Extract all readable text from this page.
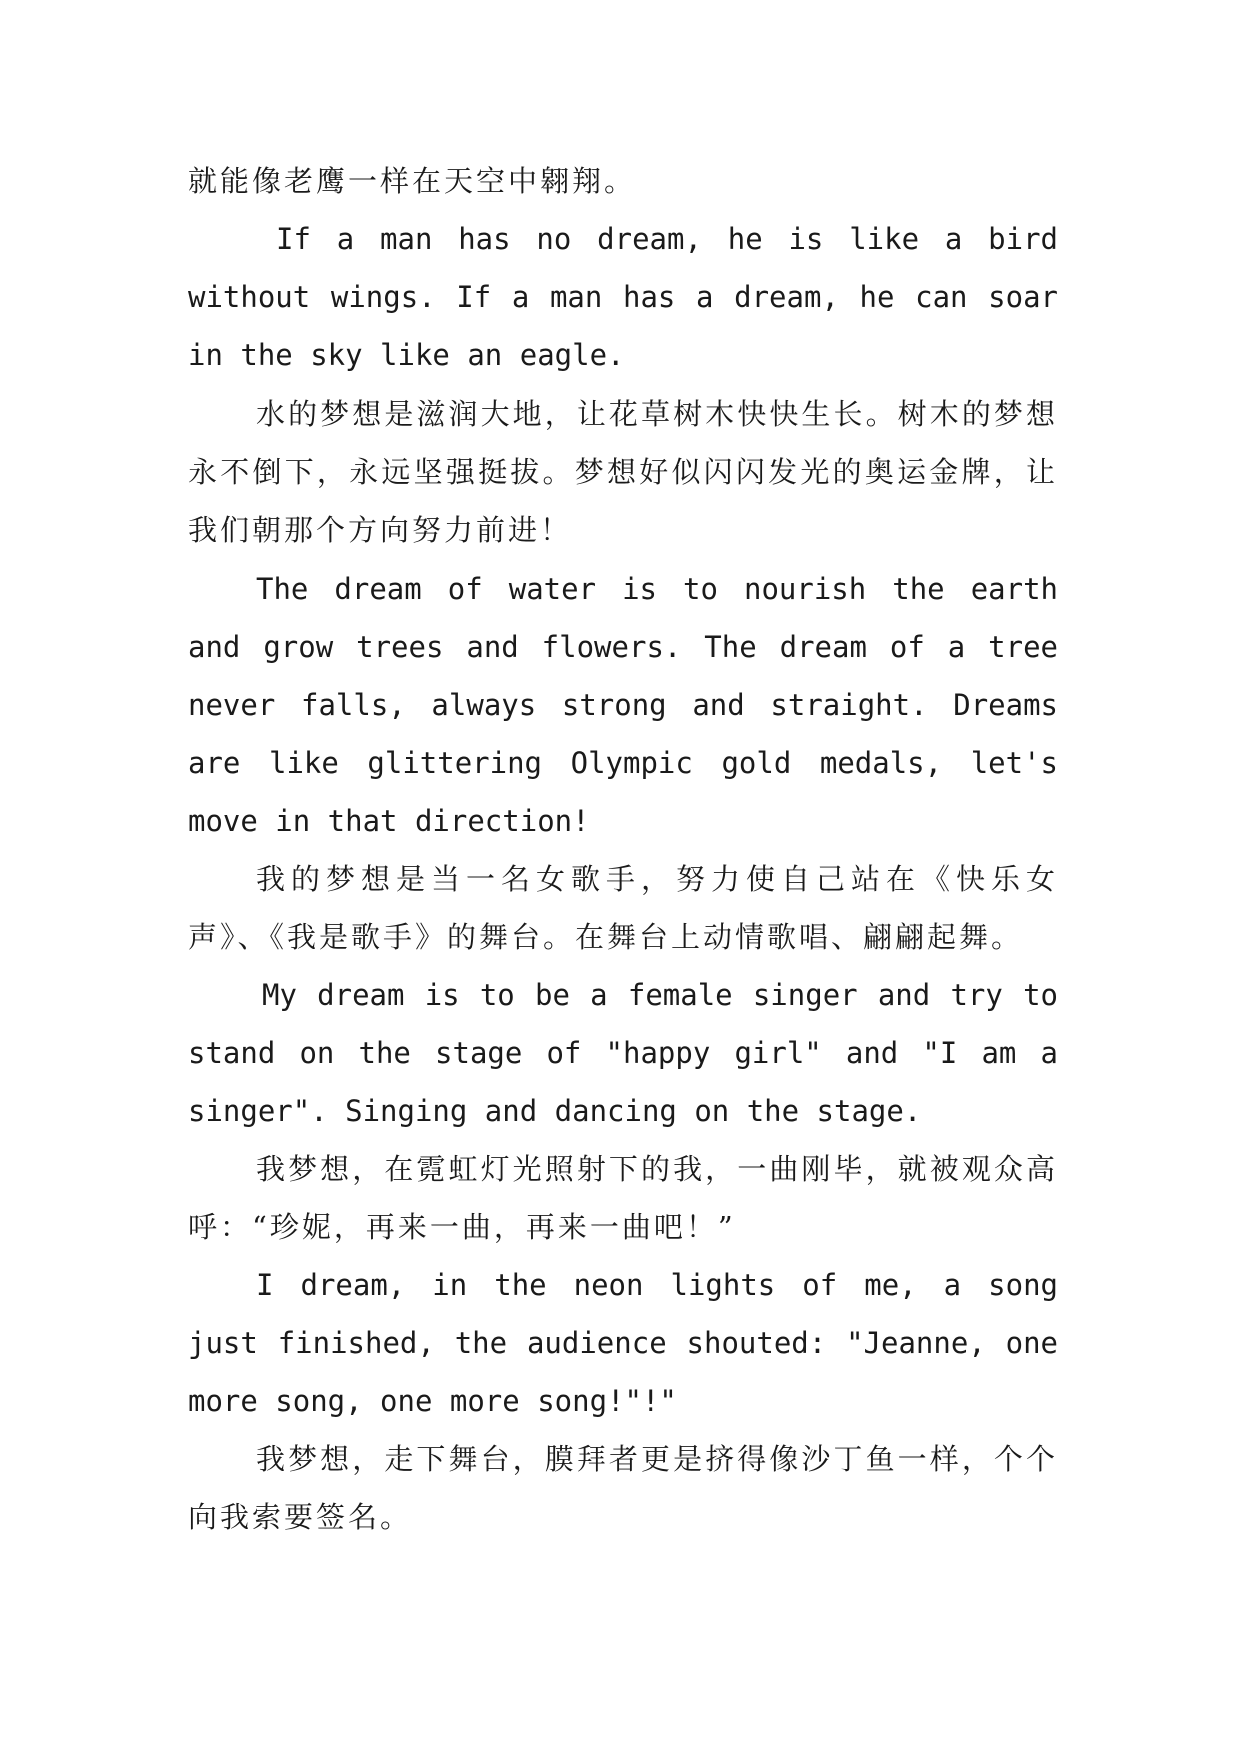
就能像老鹰一样在天空中翱翔。

If a man has no dream, he is like a bird without wings. If a man has a dream, he can soar in the sky like an eagle.

水的梦想是滋润大地，让花草树木快快生长。树木的梦想永不倒下，永远坚强挺拔。梦想好似闪闪发光的奥运金牌，让我们朝那个方向努力前进！

The dream of water is to nourish the earth and grow trees and flowers. The dream of a tree never falls, always strong and straight. Dreams are like glittering Olympic gold medals, let's move in that direction!

我的梦想是当一名女歌手，努力使自己站在《快乐女声》、《我是歌手》的舞台。在舞台上动情歌唱、翩翩起舞。

My dream is to be a female singer and try to stand on the stage of "happy girl" and "I am a singer". Singing and dancing on the stage.

我梦想，在霓虹灯光照射下的我，一曲刚毕，就被观众高呼：“珍妮，再来一曲，再来一曲吧！”

I dream, in the neon lights of me, a song just finished, the audience shouted: "Jeanne, one more song, one more song!"!"

我梦想，走下舞台，膜拜者更是挤得像沙丁鱼一样，个个向我索要签名。
